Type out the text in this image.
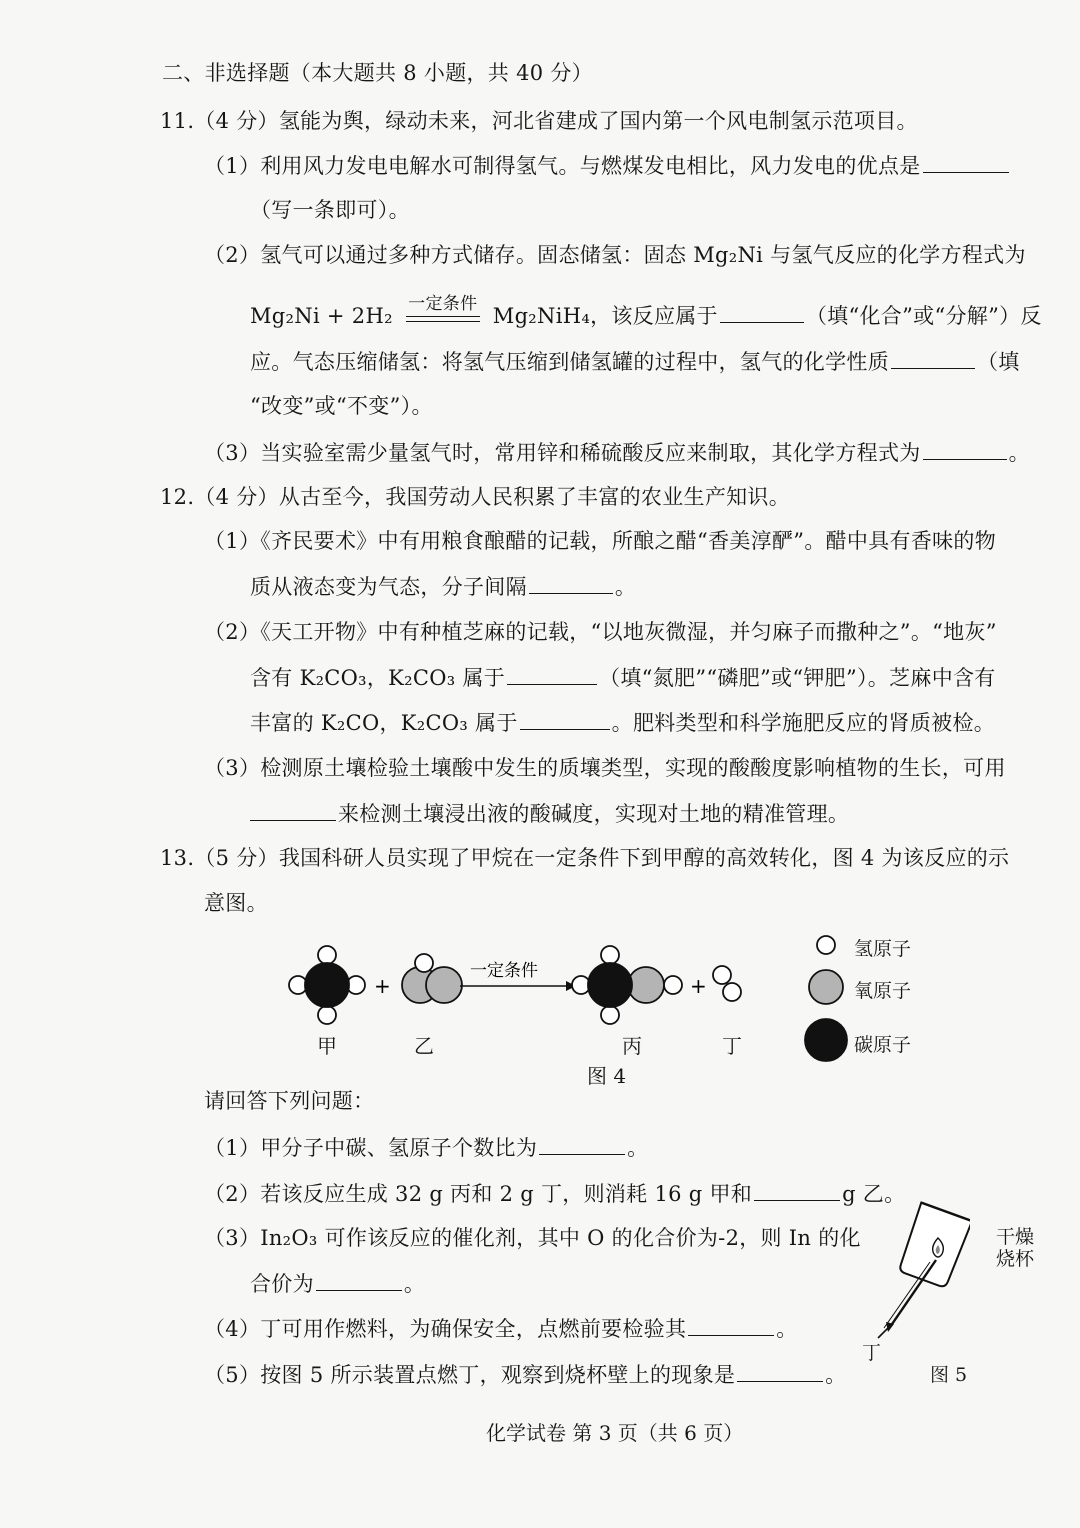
二、非选择题（本大题共 8 小题，共 40 分）
11.（4 分）氢能为舆，绿动未来，河北省建成了国内第一个风电制氢示范项目。
（1）利用风力发电电解水可制得氢气。与燃煤发电相比，风力发电的优点是
（写一条即可）。
（2）氢气可以通过多种方式储存。固态储氢：固态 Mg₂Ni 与氢气反应的化学方程式为
Mg₂Ni + 2H₂ 一定条件 Mg₂NiH₄，该反应属于	（填“化合”或“分解”）反
应。气态压缩储氢：将氢气压缩到储氢罐的过程中，氢气的化学性质	（填
“改变”或“不变”）。
（3）当实验室需少量氢气时，常用锌和稀硫酸反应来制取，其化学方程式为	。
12.（4 分）从古至今，我国劳动人民积累了丰富的农业生产知识。
（1）《齐民要术》中有用粮食酿醋的记载，所酿之醋“香美淳酽”。醋中具有香味的物
质从液态变为气态，分子间隔	。
（2）《天工开物》中有种植芝麻的记载，“以地灰微湿，并匀麻子而撒种之”。“地灰”
含有 K₂CO₃，K₂CO₃ 属于	（填“氮肥”“磷肥”或“钾肥”）。芝麻中含有
丰富的 K₂CO，K₂CO₃ 属于	。肥料类型和科学施肥反应的肾质被检。
（3）检测原土壤检验土壤酸中发生的质壤类型，实现的酸酸度影响植物的生长，可用
来检测土壤浸出液的酸碱度，实现对土地的精准管理。
13.（5 分）我国科研人员实现了甲烷在一定条件下到甲醇的高效转化，图 4 为该反应的示
意图。
+
一定条件
+
氢原子
氧原子
碳原子
甲	乙	丙	丁
图 4
请回答下列问题：
（1）甲分子中碳、氢原子个数比为	。
（2）若该反应生成 32 g 丙和 2 g 丁，则消耗 16 g 甲和	g 乙。
（3）In₂O₃ 可作该反应的催化剂，其中 O 的化合价为-2，则 In 的化
合价为	。
（4）丁可用作燃料，为确保安全，点燃前要检验其	。
（5）按图 5 所示装置点燃丁，观察到烧杯壁上的现象是	。
干燥
烧杯
丁
图 5
化学试卷 第 3 页（共 6 页）
